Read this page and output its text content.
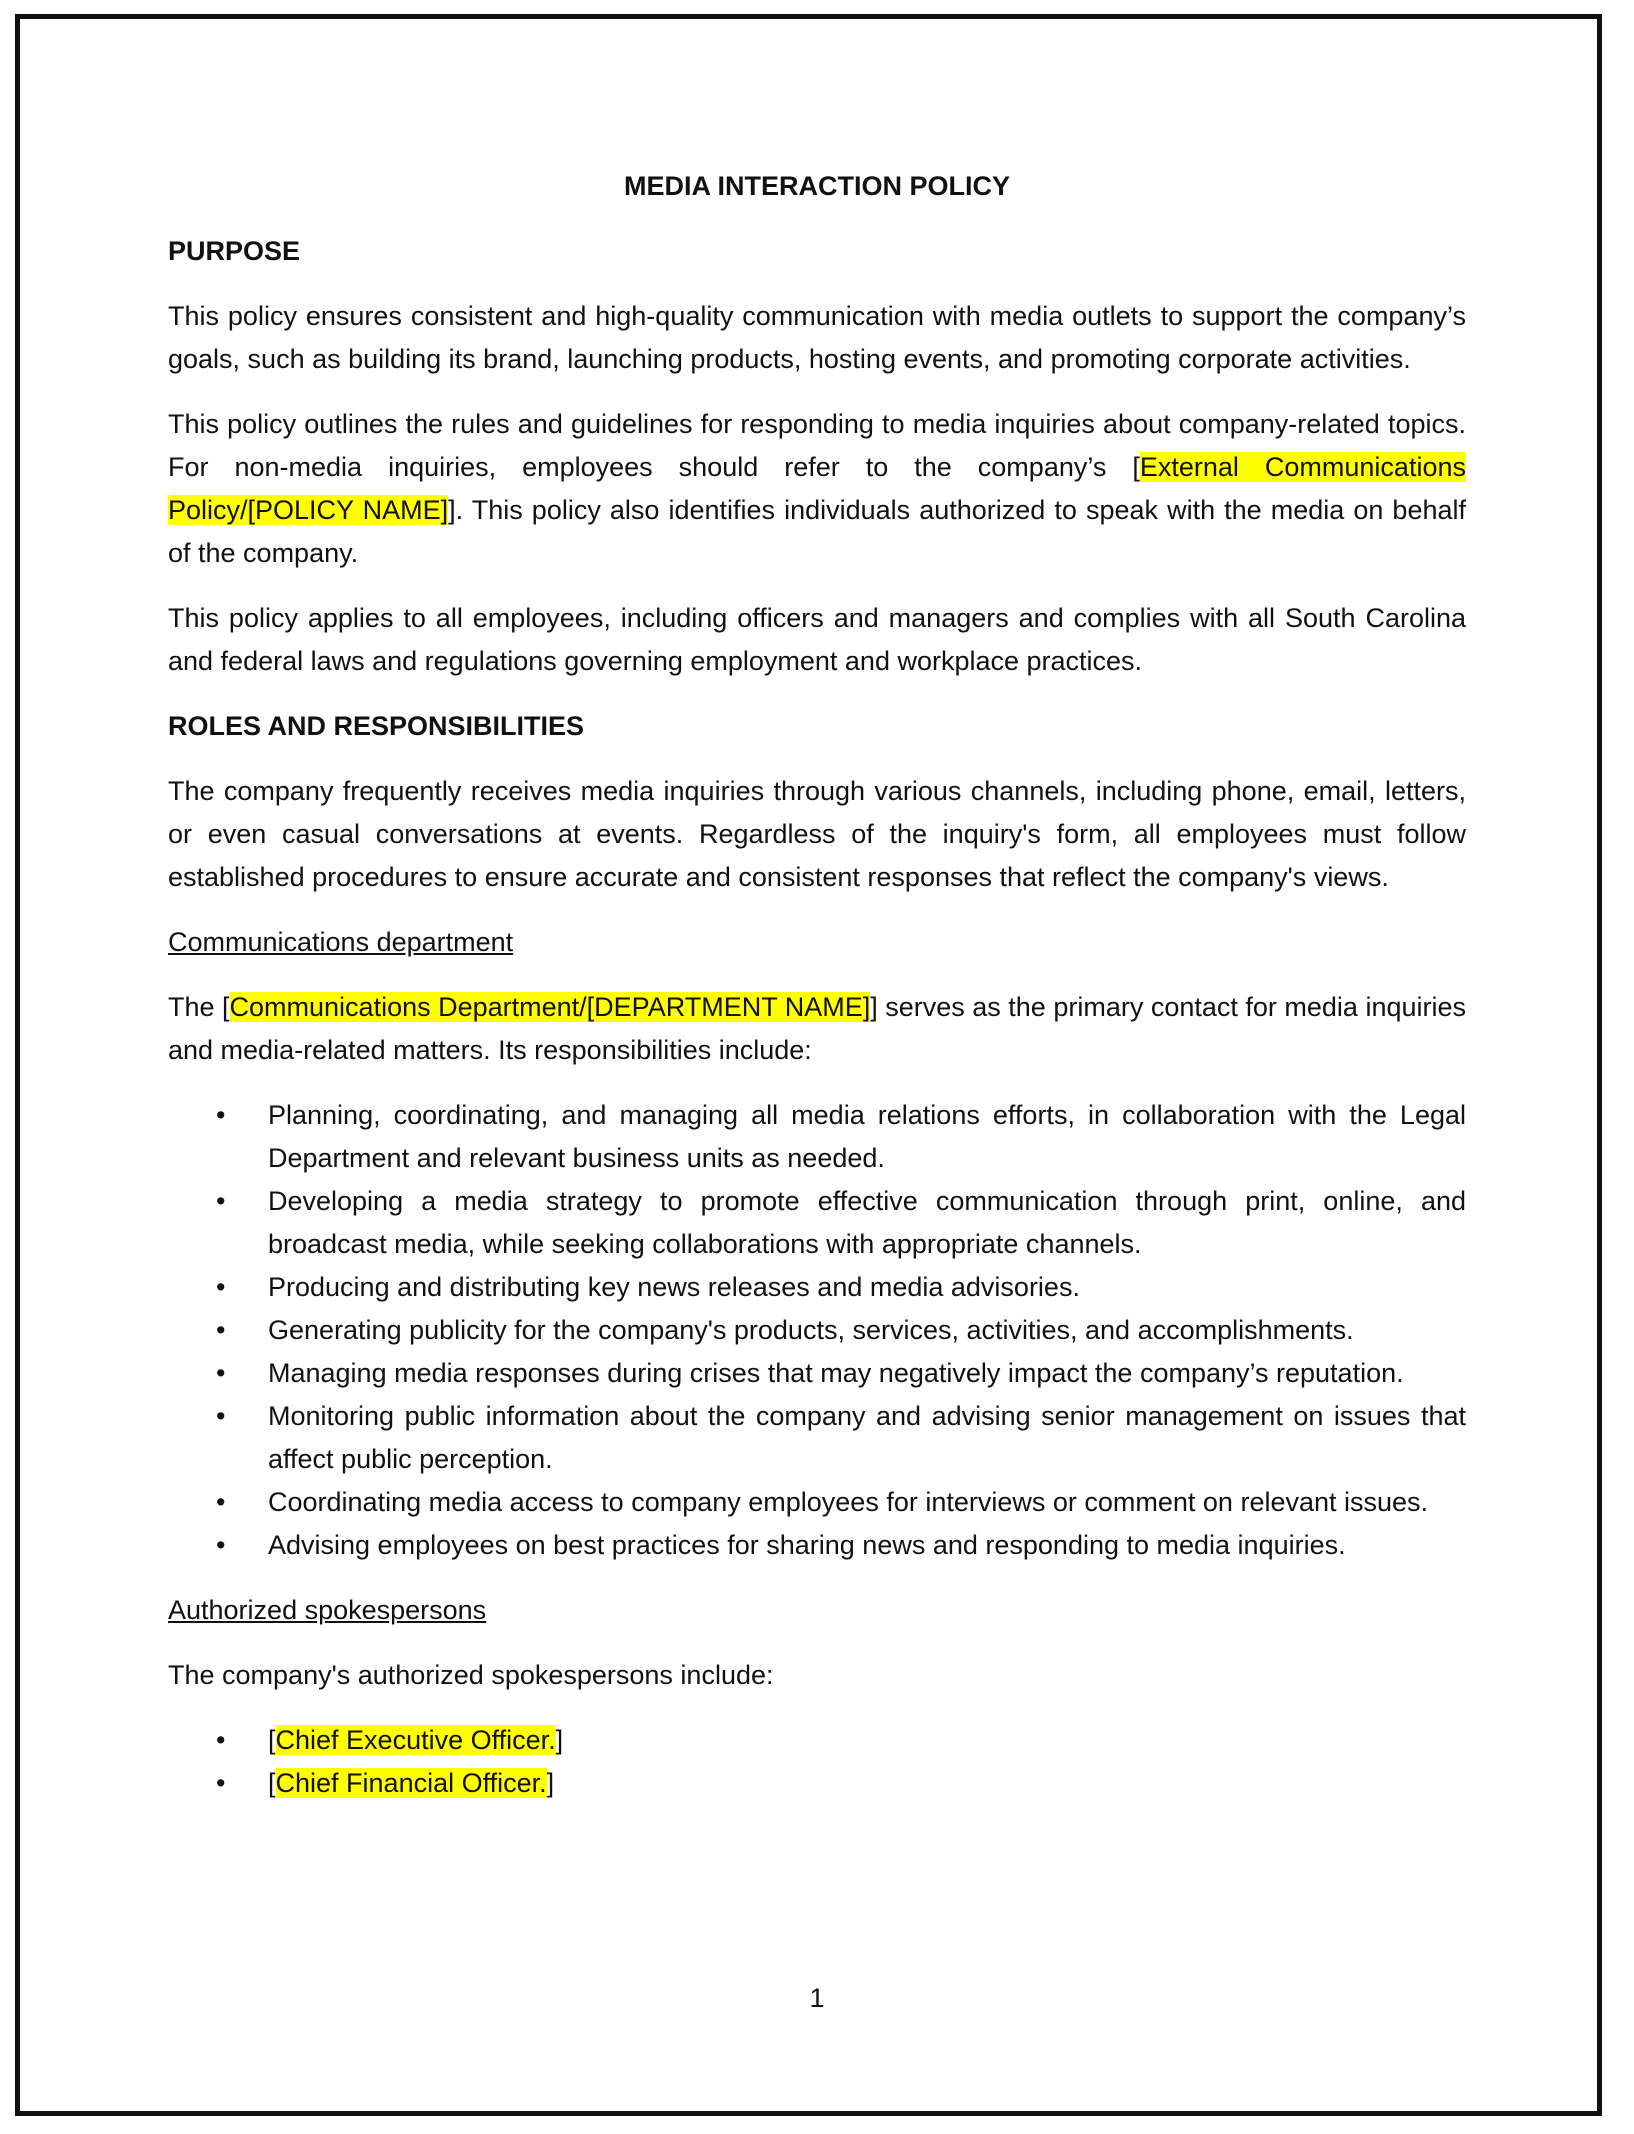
MEDIA INTERACTION POLICY
PURPOSE

This policy ensures consistent and high-quality communication with media outlets to support the company’s goals, such as building its brand, launching products, hosting events, and promoting corporate activities.

This policy outlines the rules and guidelines for responding to media inquiries about company-related topics. For non-media inquiries, employees should refer to the company’s [External Communications Policy/[POLICY NAME]]. This policy also identifies individuals authorized to speak with the media on behalf of the company.

This policy applies to all employees, including officers and managers and complies with all South Carolina and federal laws and regulations governing employment and workplace practices.

ROLES AND RESPONSIBILITIES

The company frequently receives media inquiries through various channels, including phone, email, letters, or even casual conversations at events. Regardless of the inquiry's form, all employees must follow established procedures to ensure accurate and consistent responses that reflect the company's views.

Communications department

The [Communications Department/[DEPARTMENT NAME]] serves as the primary contact for media inquiries and media-related matters. Its responsibilities include:

• Planning, coordinating, and managing all media relations efforts, in collaboration with the Legal Department and relevant business units as needed.
• Developing a media strategy to promote effective communication through print, online, and broadcast media, while seeking collaborations with appropriate channels.
• Producing and distributing key news releases and media advisories.
• Generating publicity for the company's products, services, activities, and accomplishments.
• Managing media responses during crises that may negatively impact the company’s reputation.
• Monitoring public information about the company and advising senior management on issues that affect public perception.
• Coordinating media access to company employees for interviews or comment on relevant issues.
• Advising employees on best practices for sharing news and responding to media inquiries.
Authorized spokespersons

The company's authorized spokespersons include:

• [Chief Executive Officer.]
• [Chief Financial Officer.]
1
